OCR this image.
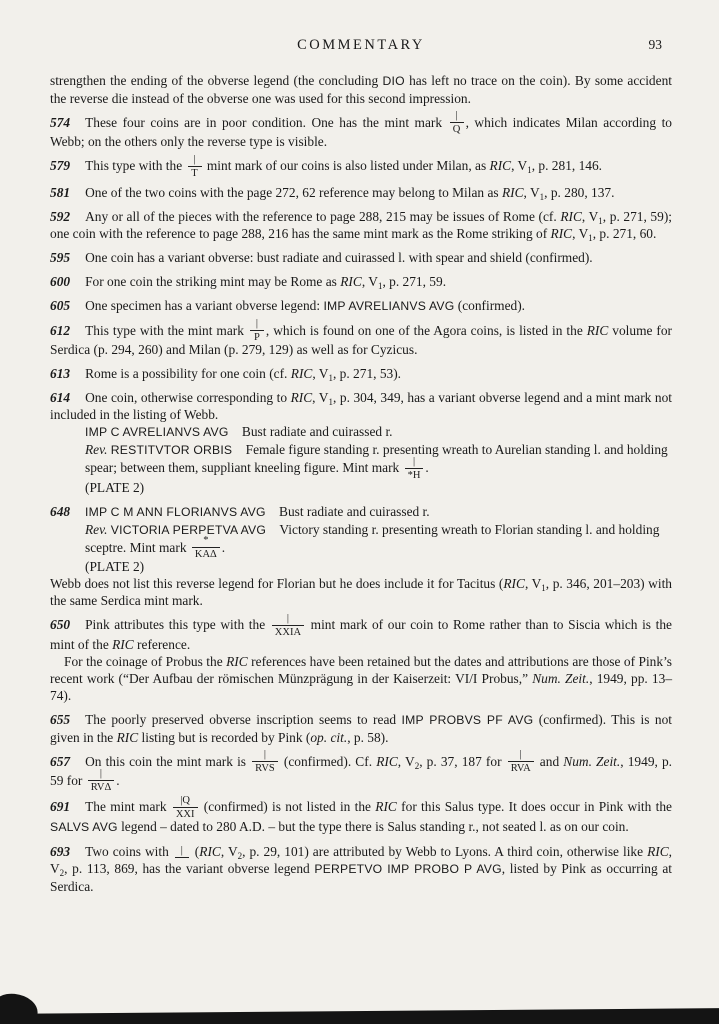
COMMENTARY	93

strengthen the ending of the obverse legend (the concluding DIO has left no trace on the coin). By some accident the reverse die instead of the obverse one was used for this second impression.

574 These four coins are in poor condition. One has the mint mark |
Q , which indicates Milan according to Webb; on the others only the reverse type is visible.

579 This type with the |
T mint mark of our coins is also listed under Milan, as RIC, $V_1$, p. 281, 146.

581 One of the two coins with the page 272, 62 reference may belong to Milan as RIC, $V_1$, p. 280, 137.

592 Any or all of the pieces with the reference to page 288, 215 may be issues of Rome (cf. RIC, $V_1$, p. 271, 59); one coin with the reference to page 288, 216 has the same mint mark as the Rome striking of RIC, $V_1$, p. 271, 60.

595 One coin has a variant obverse: bust radiate and cuirassed l. with spear and shield (confirmed).

600 For one coin the striking mint may be Rome as RIC, $V_1$, p. 271, 59.

605 One specimen has a variant obverse legend: IMP AVRELIANVS AVG (confirmed).

612 This type with the mint mark |
P , which is found on one of the Agora coins, is listed in the RIC volume for Serdica (p. 294, 260) and Milan (p. 279, 129) as well as for Cyzicus.

613 Rome is a possibility for one coin (cf. RIC, $V_1$, p. 271, 53).

614 One coin, otherwise corresponding to RIC, $V_1$, p. 304, 349, has a variant obverse legend and a mint mark not included in the listing of Webb.

IMP C AVRELIANVS AVG Bust radiate and cuirassed r.

Rev. RESTITVTOR ORBIS Female figure standing r. presenting wreath to Aurelian standing l. and holding spear; between them, suppliant kneeling figure. Mint mark |
*H .

(PLATE 2)

648 IMP C M ANN FLORIANVS AVG Bust radiate and cuirassed r.

Rev. VICTORIA PERPETVA AVG Victory standing r. presenting wreath to Florian standing l. and holding sceptre. Mint mark	*
KAΔ .

(PLATE 2)

Webb does not list this reverse legend for Florian but he does include it for Tacitus (RIC, $V_1$, p. 346, 201–203) with the same Serdica mint mark.

650 Pink attributes this type with the	|
XXIA mint mark of our coin to Rome rather than to Siscia which is the mint of the RIC reference.

For the coinage of Probus the RIC references have been retained but the dates and attributions are those of Pink’s recent work (“Der Aufbau der römischen Münzprägung in der Kaiserzeit: VI/I Probus,” Num. Zeit., 1949, pp. 13–74).

655 The poorly preserved obverse inscription seems to read IMP PROBVS PF AVG (confirmed). This is not given in the RIC listing but is recorded by Pink (op. cit., p. 58).

657 On this coin the mint mark is	|
RVS (confirmed). Cf. RIC, $V_2$, p. 37, 187 for	|
RVA and Num. Zeit., 1949, p. 59 for	|
RVΔ .

691 The mint mark |Q
XXI (confirmed) is not listed in the RIC for this Salus type. It does occur in Pink with the SALVS AVG legend – dated to 280 A.D. – but the type there is Salus standing r., not seated l. as on our coin.

693 Two coins with | (RIC, $V_2$, p. 29, 101) are attributed by Webb to Lyons. A third coin, otherwise like RIC, $V_2$, p. 113, 869, has the variant obverse legend PERPETVO IMP PROBO P AVG, listed by Pink as occurring at Serdica.
